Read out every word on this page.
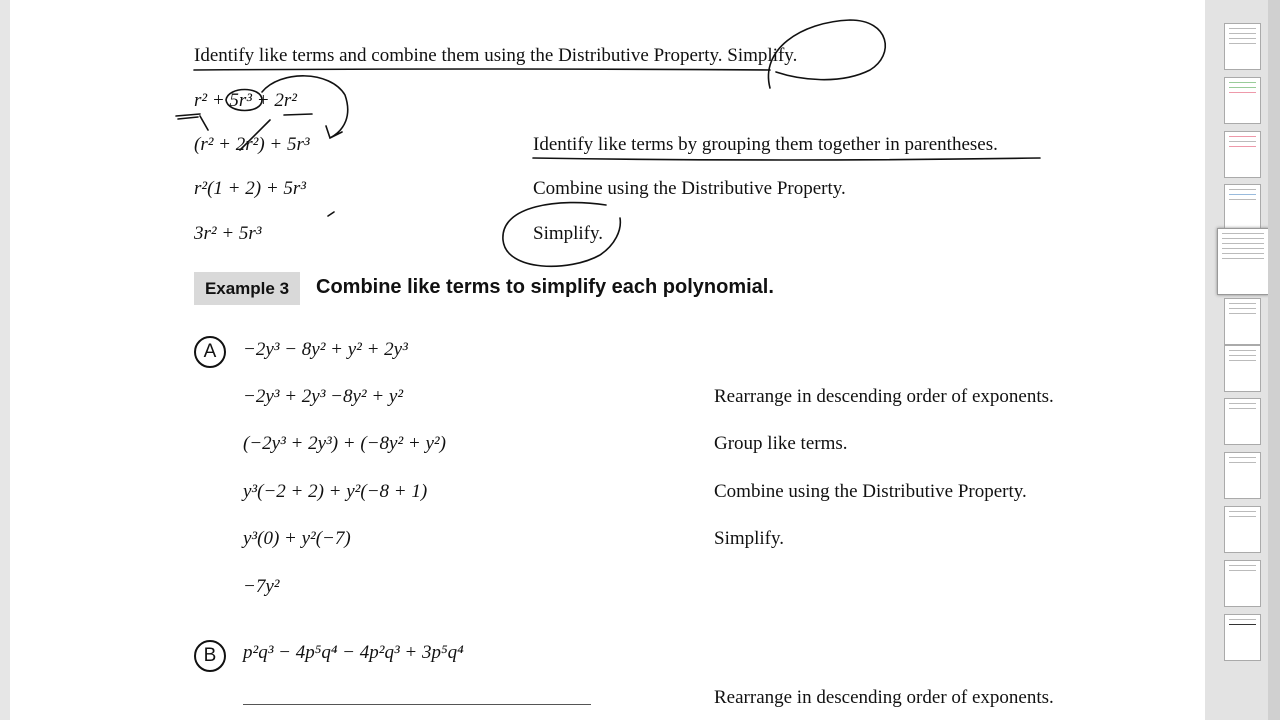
Identify like terms and combine them using the Distributive Property. Simplify.
r² + 5r³ + 2r²
(r² + 2r²) + 5r³	Identify like terms by grouping them together in parentheses.
r²(1 + 2) + 5r³	Combine using the Distributive Property.
3r² + 5r³	Simplify.
Example 3	Combine like terms to simplify each polynomial.
A	−2y³ − 8y² + y² + 2y³
−2y³ + 2y³ −8y² + y²	Rearrange in descending order of exponents.
(−2y³ + 2y³) + (−8y² + y²)	Group like terms.
y³(−2 + 2) + y²(−8 + 1)	Combine using the Distributive Property.
y³(0) + y²(−7)	Simplify.
−7y²
B	p²q³ − 4p⁵q⁴ − 4p²q³ + 3p⁵q⁴
Rearrange in descending order of exponents.
